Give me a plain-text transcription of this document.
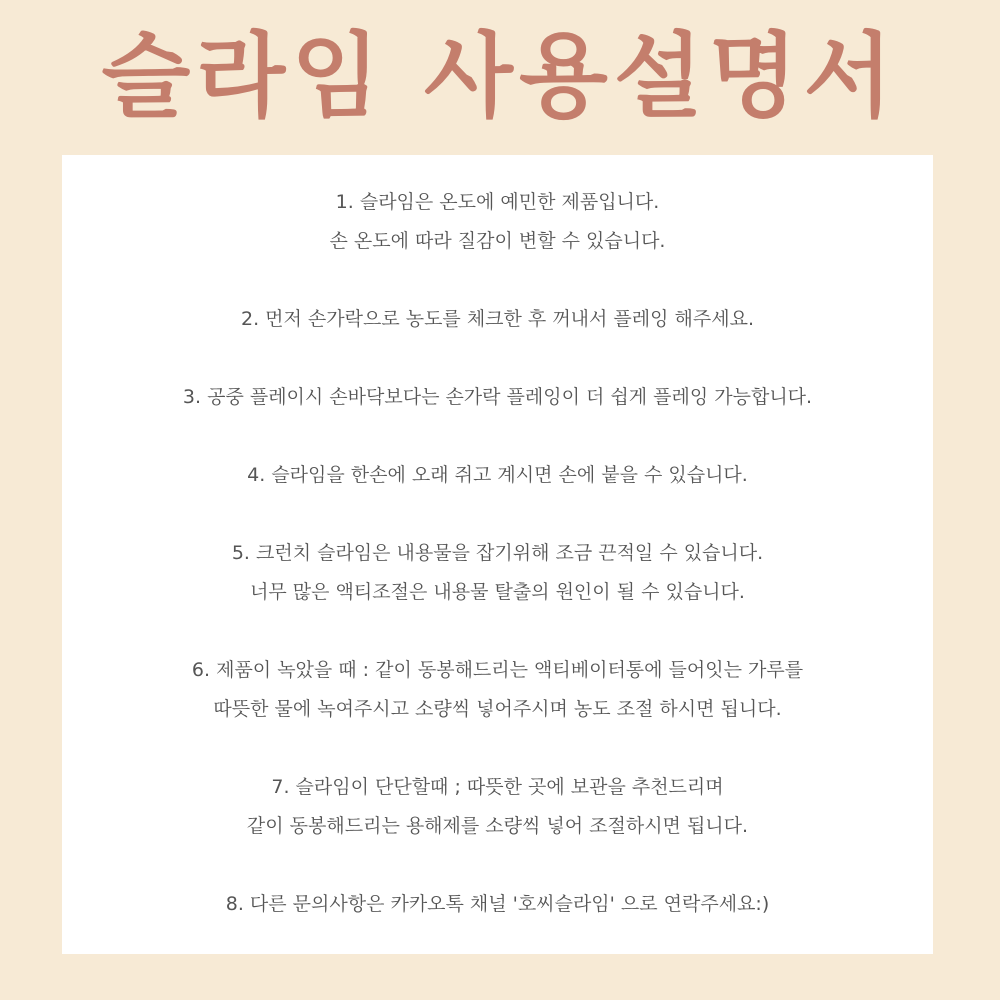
슬라임 사용설명서
1. 슬라임은 온도에 예민한 제품입니다.
손 온도에 따라 질감이 변할 수 있습니다.
2. 먼저 손가락으로 농도를 체크한 후 꺼내서 플레잉 해주세요.
3. 공중 플레이시 손바닥보다는 손가락 플레잉이 더 쉽게 플레잉 가능합니다.
4. 슬라임을 한손에 오래 쥐고 계시면 손에 붙을 수 있습니다.
5. 크런치 슬라임은 내용물을 잡기위해 조금 끈적일 수 있습니다.
너무 많은 액티조절은 내용물 탈출의 원인이 될 수 있습니다.
6. 제품이 녹았을 때 : 같이 동봉해드리는 액티베이터통에 들어잇는 가루를
따뜻한 물에 녹여주시고 소량씩 넣어주시며 농도 조절 하시면 됩니다.
7. 슬라임이 단단할때 ; 따뜻한 곳에 보관을 추천드리며
같이 동봉해드리는 용해제를 소량씩 넣어 조절하시면 됩니다.
8. 다른 문의사항은 카카오톡 채널 '호씨슬라임' 으로 연락주세요:)
